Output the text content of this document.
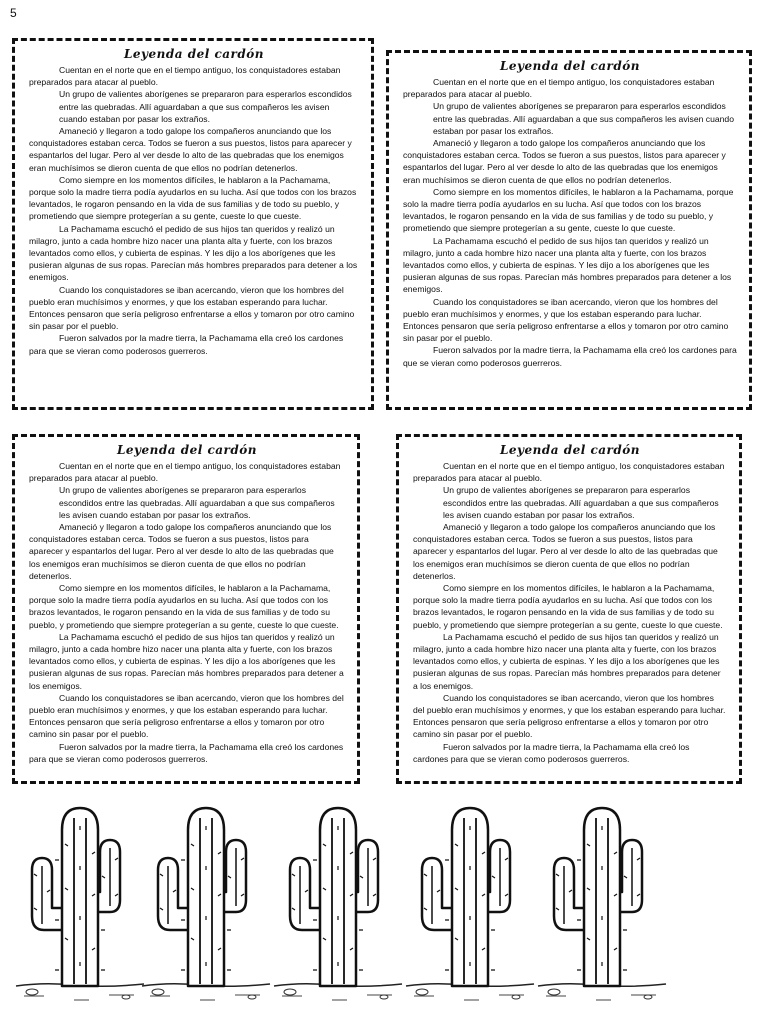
5
Leyenda del cardón

Cuentan en el norte que en el tiempo antiguo, los conquistadores estaban preparados para atacar al pueblo.

Un grupo de valientes aborígenes se prepararon para esperarlos escondidos entre las quebradas. Allí aguardaban a que sus compañeros les avisen cuando estaban por pasar los extraños.

Amaneció y llegaron a todo galope los compañeros anunciando que los conquistadores estaban cerca. Todos se fueron a sus puestos, listos para aparecer y espantarlos del lugar. Pero al ver desde lo alto de las quebradas que los enemigos eran muchísimos se dieron cuenta de que ellos no podrían detenerlos.

Como siempre en los momentos difíciles, le hablaron a la Pachamama, porque solo la madre tierra podía ayudarlos en su lucha. Así que todos con los brazos levantados, le rogaron pensando en la vida de sus familias y de todo su pueblo, y prometiendo que siempre protegerían a su gente, cueste lo que cueste.

La Pachamama escuchó el pedido de sus hijos tan queridos y realizó un milagro, junto a cada hombre hizo nacer una planta alta y fuerte, con los brazos levantados como ellos, y cubierta de espinas. Y les dijo a los aborígenes que les pusieran algunas de sus ropas. Parecían más hombres preparados para detener a los enemigos.

Cuando los conquistadores se iban acercando, vieron que los hombres del pueblo eran muchísimos y enormes, y que los estaban esperando para luchar. Entonces pensaron que sería peligroso enfrentarse a ellos y tomaron por otro camino sin pasar por el pueblo.

Fueron salvados por la madre tierra, la Pachamama ella creó los cardones para que se vieran como poderosos guerreros.

Leyenda del cardón

Cuentan en el norte que en el tiempo antiguo, los conquistadores estaban preparados para atacar al pueblo.

Un grupo de valientes aborígenes se prepararon para esperarlos escondidos entre las quebradas. Allí aguardaban a que sus compañeros les avisen cuando estaban por pasar los extraños.

Amaneció y llegaron a todo galope los compañeros anunciando que los conquistadores estaban cerca. Todos se fueron a sus puestos, listos para aparecer y espantarlos del lugar. Pero al ver desde lo alto de las quebradas que los enemigos eran muchísimos se dieron cuenta de que ellos no podrían detenerlos.

Como siempre en los momentos difíciles, le hablaron a la Pachamama, porque solo la madre tierra podía ayudarlos en su lucha. Así que todos con los brazos levantados, le rogaron pensando en la vida de sus familias y de todo su pueblo, y prometiendo que siempre protegerían a su gente, cueste lo que cueste.

La Pachamama escuchó el pedido de sus hijos tan queridos y realizó un milagro, junto a cada hombre hizo nacer una planta alta y fuerte, con los brazos levantados como ellos, y cubierta de espinas. Y les dijo a los aborígenes que les pusieran algunas de sus ropas. Parecían más hombres preparados para detener a los enemigos.

Cuando los conquistadores se iban acercando, vieron que los hombres del pueblo eran muchísimos y enormes, y que los estaban esperando para luchar. Entonces pensaron que sería peligroso enfrentarse a ellos y tomaron por otro camino sin pasar por el pueblo.

Fueron salvados por la madre tierra, la Pachamama ella creó los cardones para que se vieran como poderosos guerreros.

Leyenda del cardón

Cuentan en el norte que en el tiempo antiguo, los conquistadores estaban preparados para atacar al pueblo.

Un grupo de valientes aborígenes se prepararon para esperarlos escondidos entre las quebradas. Allí aguardaban a que sus compañeros les avisen cuando estaban por pasar los extraños.

Amaneció y llegaron a todo galope los compañeros anunciando que los conquistadores estaban cerca. Todos se fueron a sus puestos, listos para aparecer y espantarlos del lugar. Pero al ver desde lo alto de las quebradas que los enemigos eran muchísimos se dieron cuenta de que ellos no podrían detenerlos.

Como siempre en los momentos difíciles, le hablaron a la Pachamama, porque solo la madre tierra podía ayudarlos en su lucha. Así que todos con los brazos levantados, le rogaron pensando en la vida de sus familias y de todo su pueblo, y prometiendo que siempre protegerían a su gente, cueste lo que cueste.

La Pachamama escuchó el pedido de sus hijos tan queridos y realizó un milagro, junto a cada hombre hizo nacer una planta alta y fuerte, con los brazos levantados como ellos, y cubierta de espinas. Y les dijo a los aborígenes que les pusieran algunas de sus ropas. Parecían más hombres preparados para detener a los enemigos.

Cuando los conquistadores se iban acercando, vieron que los hombres del pueblo eran muchísimos y enormes, y que los estaban esperando para luchar. Entonces pensaron que sería peligroso enfrentarse a ellos y tomaron por otro camino sin pasar por el pueblo.

Fueron salvados por la madre tierra, la Pachamama ella creó los cardones para que se vieran como poderosos guerreros.

Leyenda del cardón

Cuentan en el norte que en el tiempo antiguo, los conquistadores estaban preparados para atacar al pueblo.

Un grupo de valientes aborígenes se prepararon para esperarlos escondidos entre las quebradas. Allí aguardaban a que sus compañeros les avisen cuando estaban por pasar los extraños.

Amaneció y llegaron a todo galope los compañeros anunciando que los conquistadores estaban cerca. Todos se fueron a sus puestos, listos para aparecer y espantarlos del lugar. Pero al ver desde lo alto de las quebradas que los enemigos eran muchísimos se dieron cuenta de que ellos no podrían detenerlos.

Como siempre en los momentos difíciles, le hablaron a la Pachamama, porque solo la madre tierra podía ayudarlos en su lucha. Así que todos con los brazos levantados, le rogaron pensando en la vida de sus familias y de todo su pueblo, y prometiendo que siempre protegerían a su gente, cueste lo que cueste.

La Pachamama escuchó el pedido de sus hijos tan queridos y realizó un milagro, junto a cada hombre hizo nacer una planta alta y fuerte, con los brazos levantados como ellos, y cubierta de espinas. Y les dijo a los aborígenes que les pusieran algunas de sus ropas. Parecían más hombres preparados para detener a los enemigos.

Cuando los conquistadores se iban acercando, vieron que los hombres del pueblo eran muchísimos y enormes, y que los estaban esperando para luchar. Entonces pensaron que sería peligroso enfrentarse a ellos y tomaron por otro camino sin pasar por el pueblo.

Fueron salvados por la madre tierra, la Pachamama ella creó los cardones para que se vieran como poderosos guerreros.
